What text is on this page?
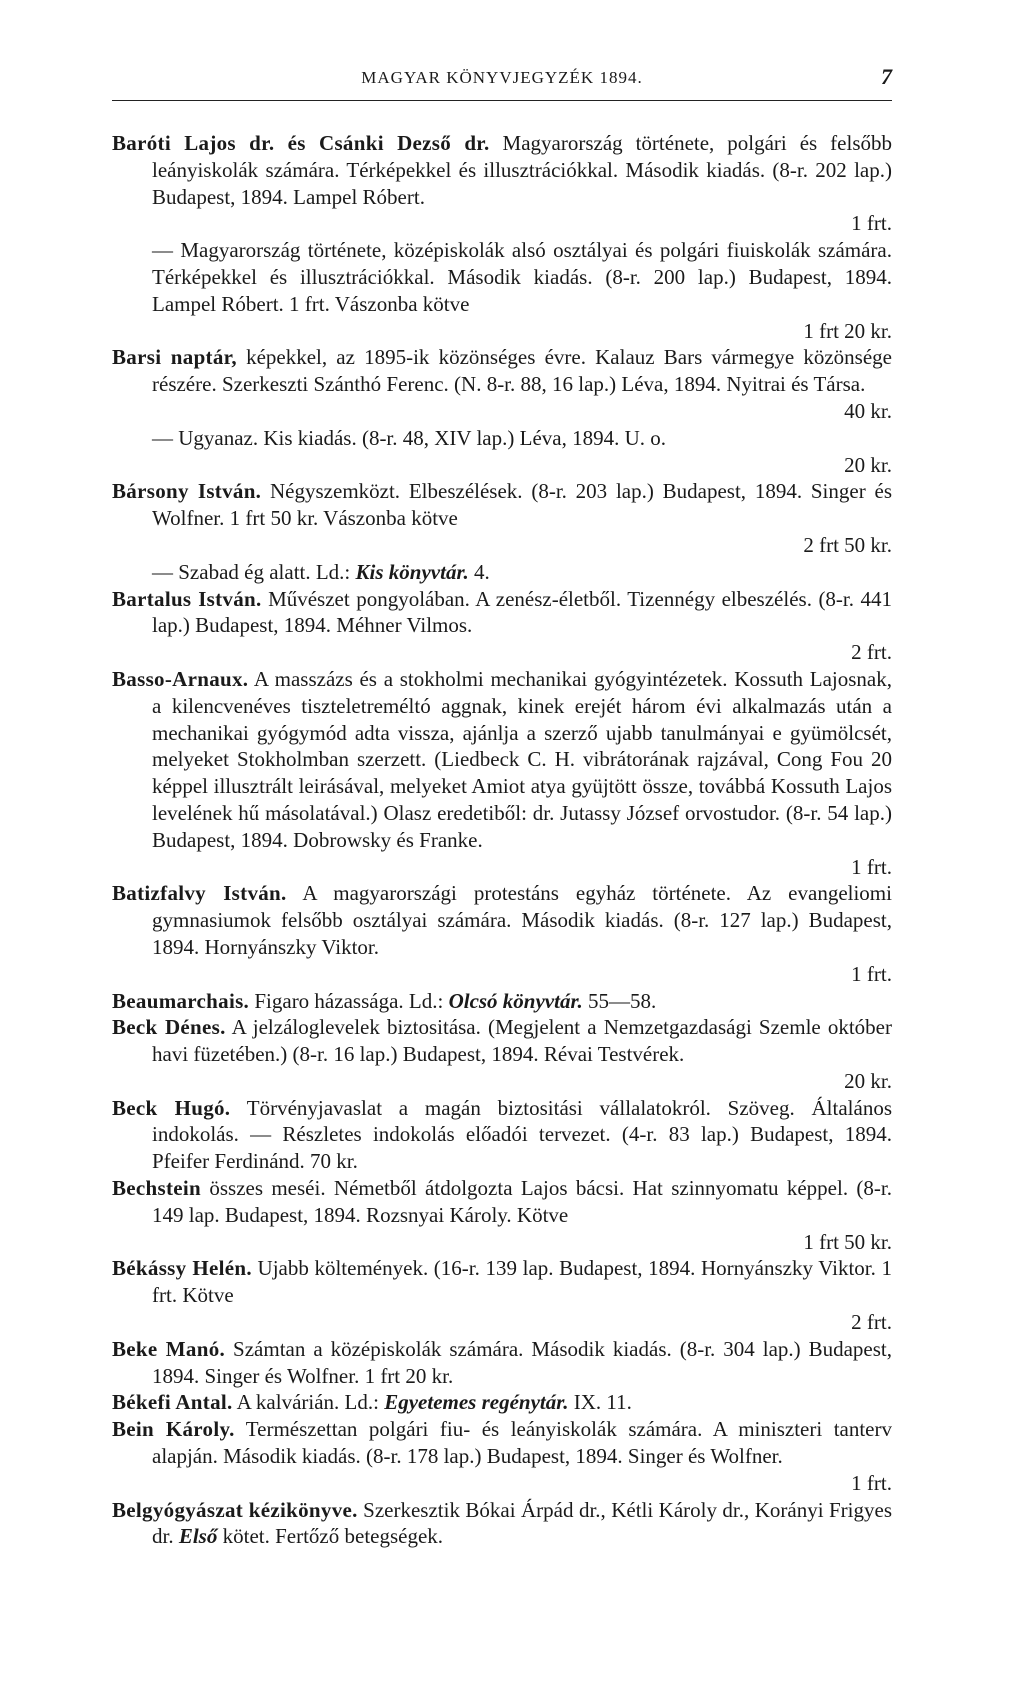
MAGYAR KÖNYVJEGYZÉK 1894.	7

Baróti Lajos dr. és Csánki Dezső dr. Magyarország története, polgári és felsőbb leányiskolák számára. Térképekkel és illusztrációkkal. Második kiadás. (8-r. 202 lap.) Budapest, 1894. Lampel Róbert.
1 frt.

— Magyarország története, középiskolák alsó osztályai és polgári fiuiskolák számára. Térképekkel és illusztrációkkal. Második kiadás. (8-r. 200 lap.) Budapest, 1894. Lampel Róbert. 1 frt. Vászonba kötve
1 frt 20 kr.

Barsi naptár, képekkel, az 1895-ik közönséges évre. Kalauz Bars vármegye közönsége részére. Szerkeszti Szánthó Ferenc. (N. 8-r. 88, 16 lap.) Léva, 1894. Nyitrai és Társa.
40 kr.

— Ugyanaz. Kis kiadás. (8-r. 48, XIV lap.) Léva, 1894. U. o.
20 kr.

Bársony István. Négyszemközt. Elbeszélések. (8-r. 203 lap.) Budapest, 1894. Singer és Wolfner. 1 frt 50 kr. Vászonba kötve
2 frt 50 kr.

— Szabad ég alatt. Ld.: Kis könyvtár. 4.

Bartalus István. Művészet pongyolában. A zenész-életből. Tizennégy elbeszélés. (8-r. 441 lap.) Budapest, 1894. Méhner Vilmos.
2 frt.

Basso-Arnaux. A masszázs és a stokholmi mechanikai gyógyintézetek. Kossuth Lajosnak, a kilencvenéves tiszteletreméltó aggnak, kinek erejét három évi alkalmazás után a mechanikai gyógymód adta vissza, ajánlja a szerző ujabb tanulmányai e gyümölcsét, melyeket Stokholmban szerzett. (Liedbeck C. H. vibrátorának rajzával, Cong Fou 20 képpel illusztrált leirásával, melyeket Amiot atya gyüjtött össze, továbbá Kossuth Lajos levelének hű másolatával.) Olasz eredetiből: dr. Jutassy József orvostudor. (8-r. 54 lap.) Budapest, 1894. Dobrowsky és Franke.
1 frt.

Batizfalvy István. A magyarországi protestáns egyház története. Az evangeliomi gymnasiumok felsőbb osztályai számára. Második kiadás. (8-r. 127 lap.) Budapest, 1894. Hornyánszky Viktor.
1 frt.

Beaumarchais. Figaro házassága. Ld.: Olcsó könyvtár. 55—58.

Beck Dénes. A jelzáloglevelek biztositása. (Megjelent a Nemzetgazdasági Szemle október havi füzetében.) (8-r. 16 lap.) Budapest, 1894. Révai Testvérek.
20 kr.

Beck Hugó. Törvényjavaslat a magán biztositási vállalatokról. Szöveg. Általános indokolás. — Részletes indokolás előadói tervezet. (4-r. 83 lap.) Budapest, 1894. Pfeifer Ferdinánd. 70 kr.

Bechstein összes meséi. Németből átdolgozta Lajos bácsi. Hat szinnyomatu képpel. (8-r. 149 lap. Budapest, 1894. Rozsnyai Károly. Kötve
1 frt 50 kr.

Békássy Helén. Ujabb költemények. (16-r. 139 lap. Budapest, 1894. Hornyánszky Viktor. 1 frt. Kötve
2 frt.

Beke Manó. Számtan a középiskolák számára. Második kiadás. (8-r. 304 lap.) Budapest, 1894. Singer és Wolfner. 1 frt 20 kr.

Békefi Antal. A kalvárián. Ld.: Egyetemes regénytár. IX. 11.

Bein Károly. Természettan polgári fiu- és leányiskolák számára. A miniszteri tanterv alapján. Második kiadás. (8-r. 178 lap.) Budapest, 1894. Singer és Wolfner.
1 frt.

Belgyógyászat kézikönyve. Szerkesztik Bókai Árpád dr., Kétli Károly dr., Korányi Frigyes dr. Első kötet. Fertőző betegségek.
